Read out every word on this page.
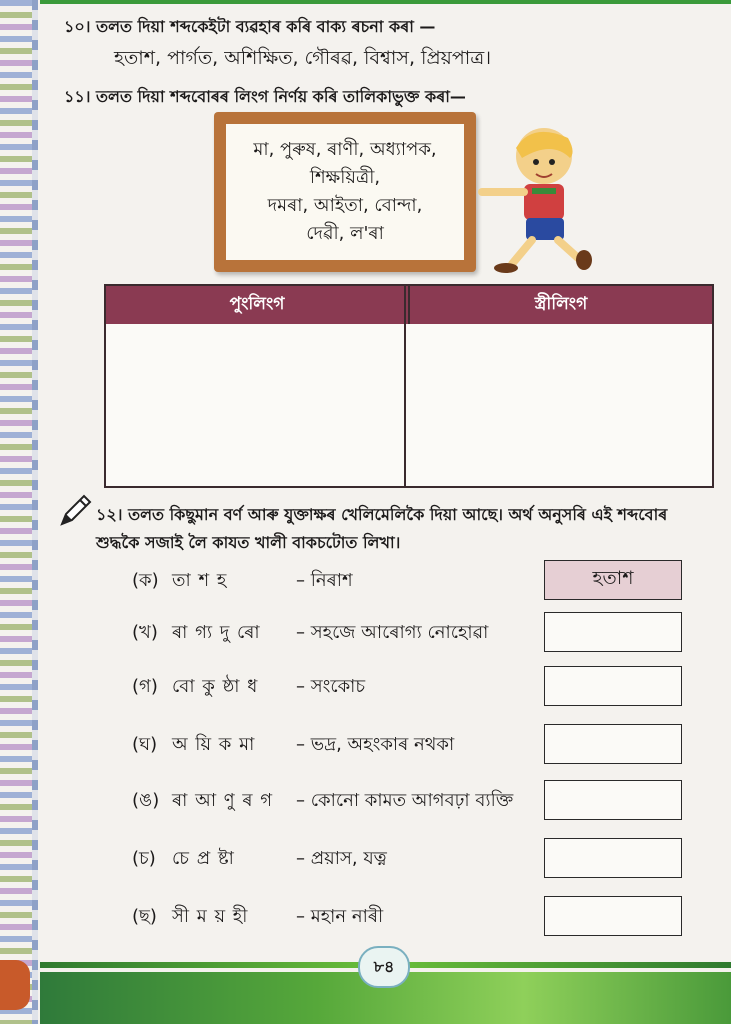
১০। তলত দিয়া শব্দকেইটা ব্যৱহাৰ কৰি বাক্য ৰচনা কৰা —
হতাশ, পাৰ্গত, অশিক্ষিত, গৌৰৱ, বিশ্বাস, প্ৰিয়পাত্ৰ।
১১। তলত দিয়া শব্দবোৰৰ লিংগ নিৰ্ণয় কৰি তালিকাভুক্ত কৰা—
মা, পুৰুষ, ৰাণী, অধ্যাপক,
শিক্ষয়িত্ৰী,
দমৰা, আইতা, বোন্দা,
দেৱী, ল'ৰা
পুংলিংগ	স্ত্ৰীলিংগ
১২। তলত কিছুমান বৰ্ণ আৰু যুক্তাক্ষৰ খেলিমেলিকৈ দিয়া আছে। অৰ্থ অনুসৰি এই শব্দবোৰ
শুদ্ধকৈ সজাই লৈ কাযত খালী বাকচটোত লিখা।
(ক) তা শ হ	– নিৰাশ	হতাশ
(খ) ৰা গ্য দু ৰো – সহজে আৰোগ্য নোহোৱা
(গ) বো কু ষ্ঠা ধ – সংকোচ
(ঘ) অ য়ি ক মা – ভদ্ৰ, অহংকাৰ নথকা
(ঙ) ৰা আ ণু ৰ গ – কোনো কামত আগবঢ়া ব্যক্তি
(চ) চে প্ৰ ষ্টা	– প্ৰয়াস, যত্ন
(ছ) সী ম য় হী	– মহান নাৰী
৮৪
